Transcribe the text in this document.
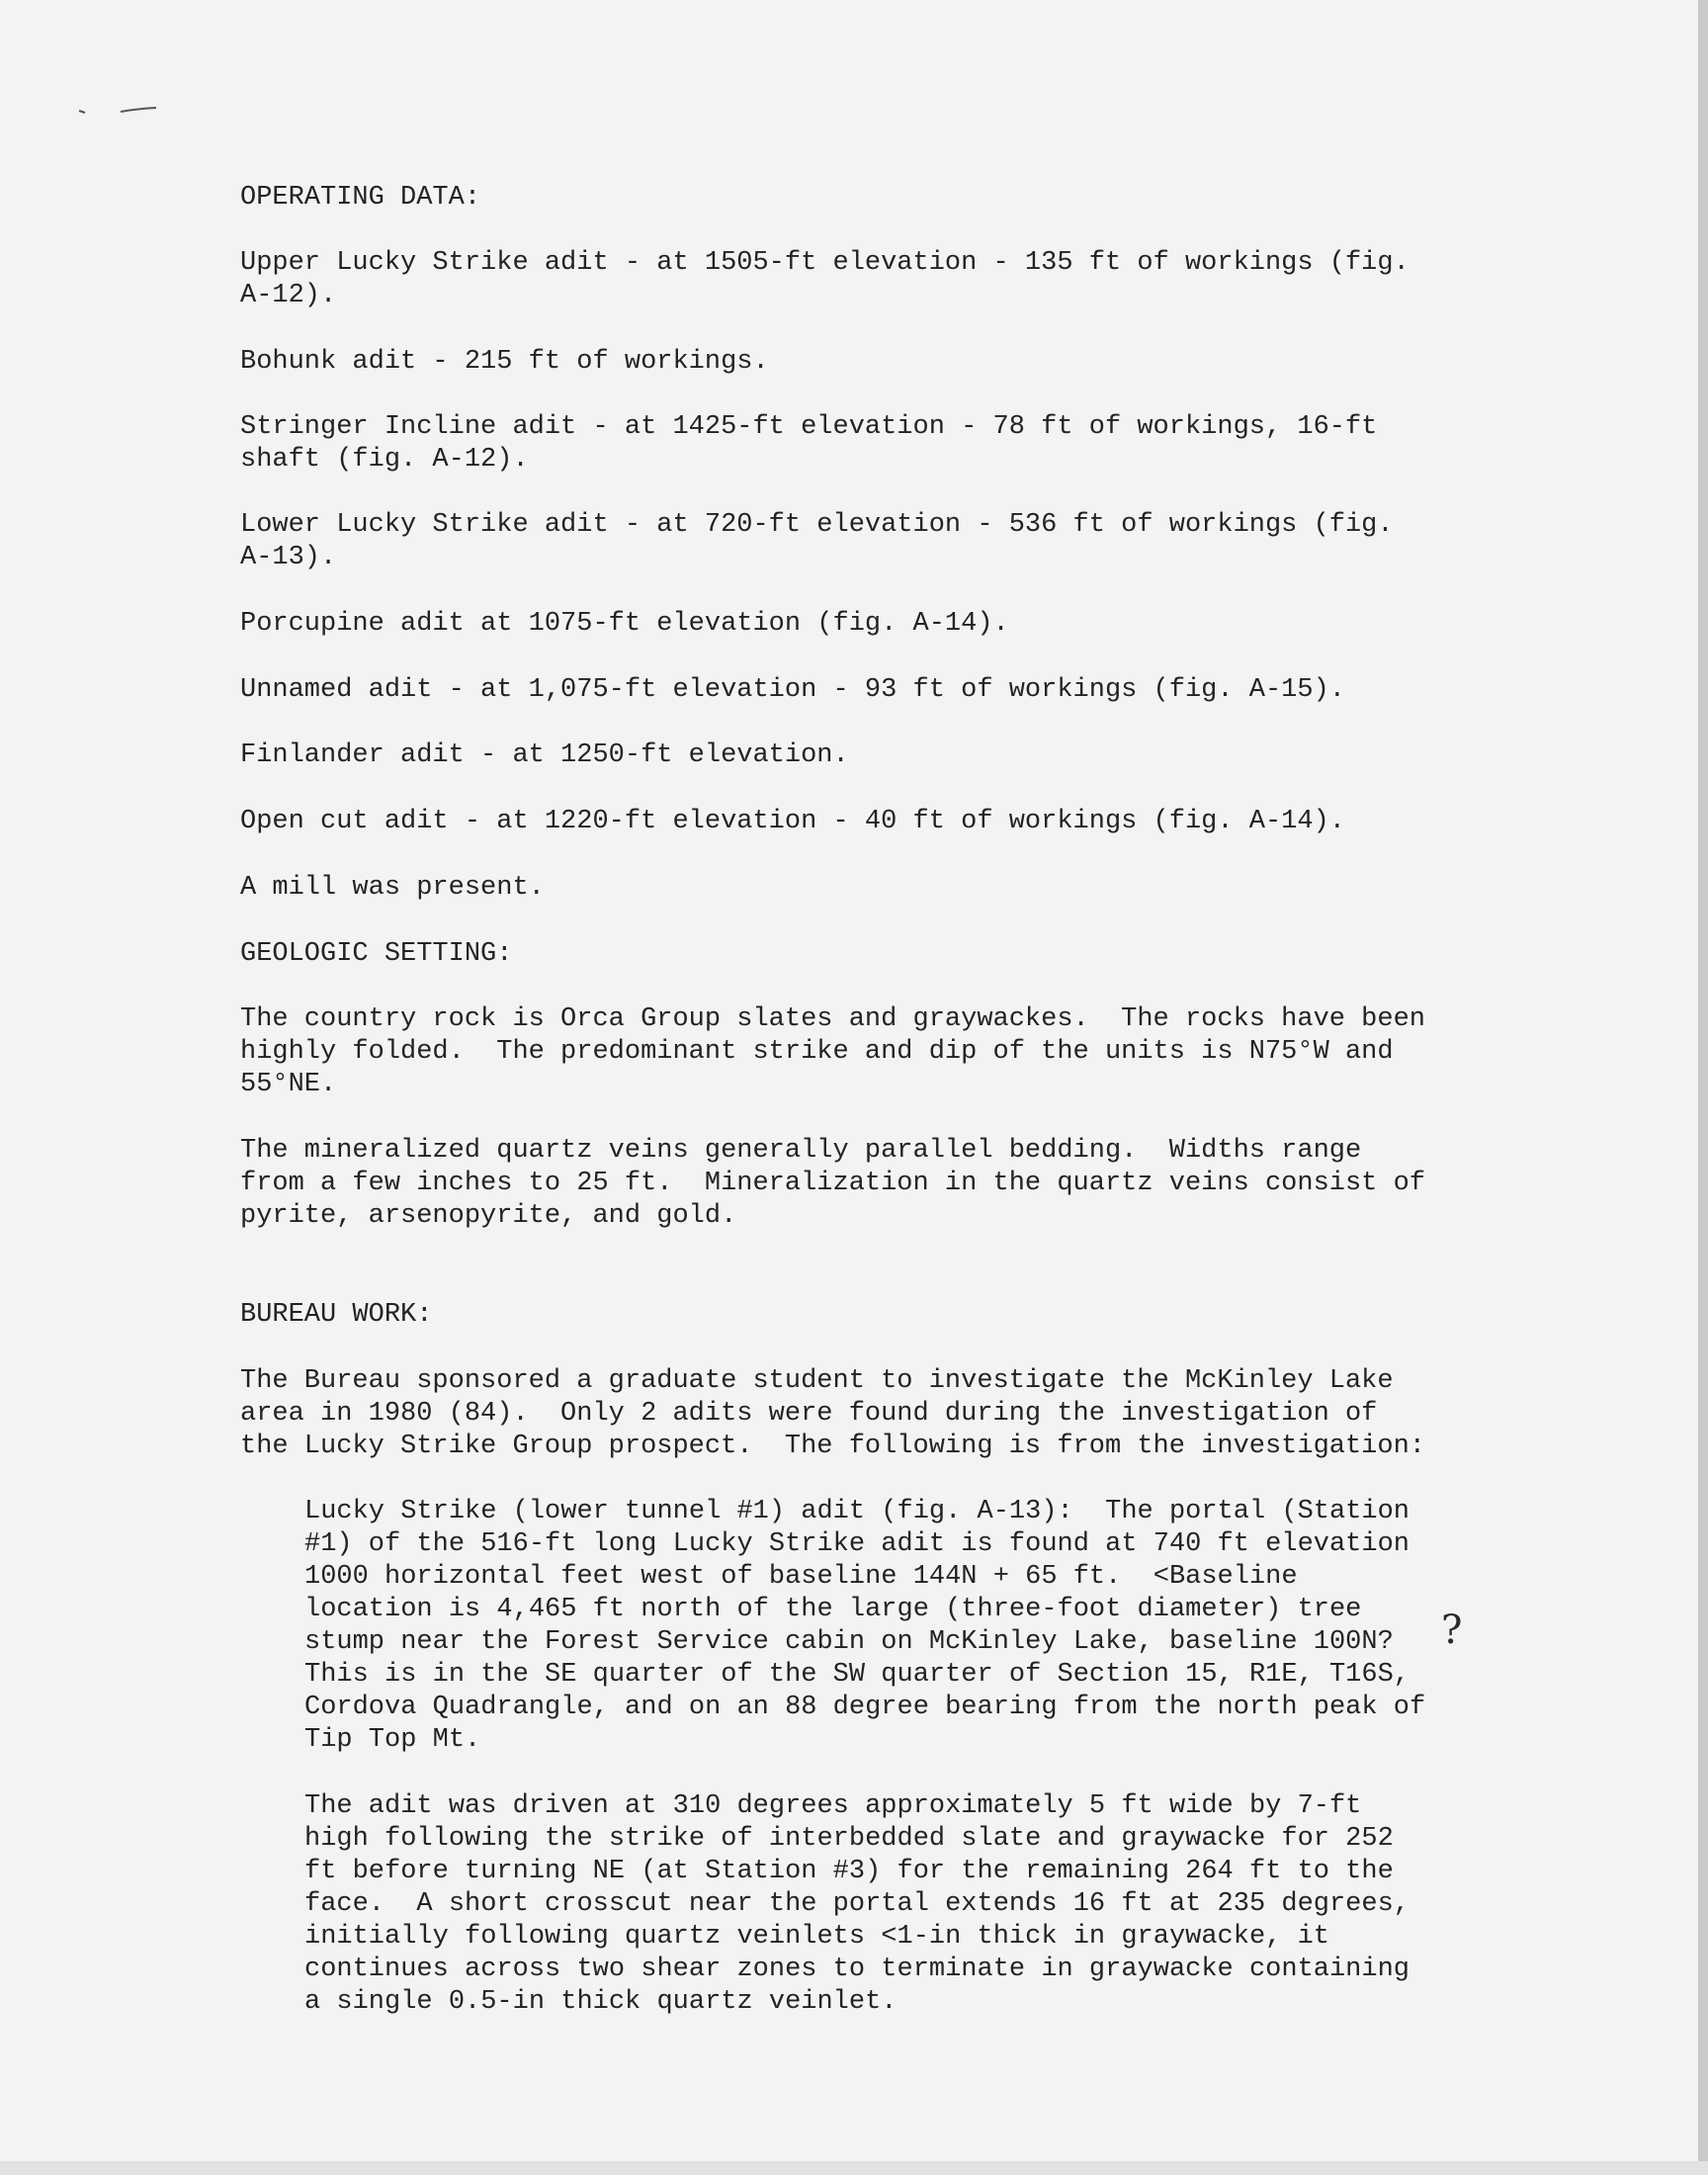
OPERATING DATA:

Upper Lucky Strike adit - at 1505-ft elevation - 135 ft of workings (fig.
A-12).

Bohunk adit - 215 ft of workings.

Stringer Incline adit - at 1425-ft elevation - 78 ft of workings, 16-ft
shaft (fig. A-12).

Lower Lucky Strike adit - at 720-ft elevation - 536 ft of workings (fig.
A-13).

Porcupine adit at 1075-ft elevation (fig. A-14).

Unnamed adit - at 1,075-ft elevation - 93 ft of workings (fig. A-15).

Finlander adit - at 1250-ft elevation.

Open cut adit - at 1220-ft elevation - 40 ft of workings (fig. A-14).

A mill was present.

GEOLOGIC SETTING:

The country rock is Orca Group slates and graywackes.  The rocks have been
highly folded.  The predominant strike and dip of the units is N75°W and
55°NE.

The mineralized quartz veins generally parallel bedding.  Widths range
from a few inches to 25 ft.  Mineralization in the quartz veins consist of
pyrite, arsenopyrite, and gold.

BUREAU WORK:

The Bureau sponsored a graduate student to investigate the McKinley Lake
area in 1980 (84).  Only 2 adits were found during the investigation of
the Lucky Strike Group prospect.  The following is from the investigation:

Lucky Strike (lower tunnel #1) adit (fig. A-13):  The portal (Station
#1) of the 516-ft long Lucky Strike adit is found at 740 ft elevation
1000 horizontal feet west of baseline 144N + 65 ft.  <Baseline
location is 4,465 ft north of the large (three-foot diameter) tree
stump near the Forest Service cabin on McKinley Lake, baseline 100N?
This is in the SE quarter of the SW quarter of Section 15, R1E, T16S,
Cordova Quadrangle, and on an 88 degree bearing from the north peak of
Tip Top Mt.

The adit was driven at 310 degrees approximately 5 ft wide by 7-ft
high following the strike of interbedded slate and graywacke for 252
ft before turning NE (at Station #3) for the remaining 264 ft to the
face.  A short crosscut near the portal extends 16 ft at 235 degrees,
initially following quartz veinlets <1-in thick in graywacke, it
continues across two shear zones to terminate in graywacke containing
a single 0.5-in thick quartz veinlet.

?
